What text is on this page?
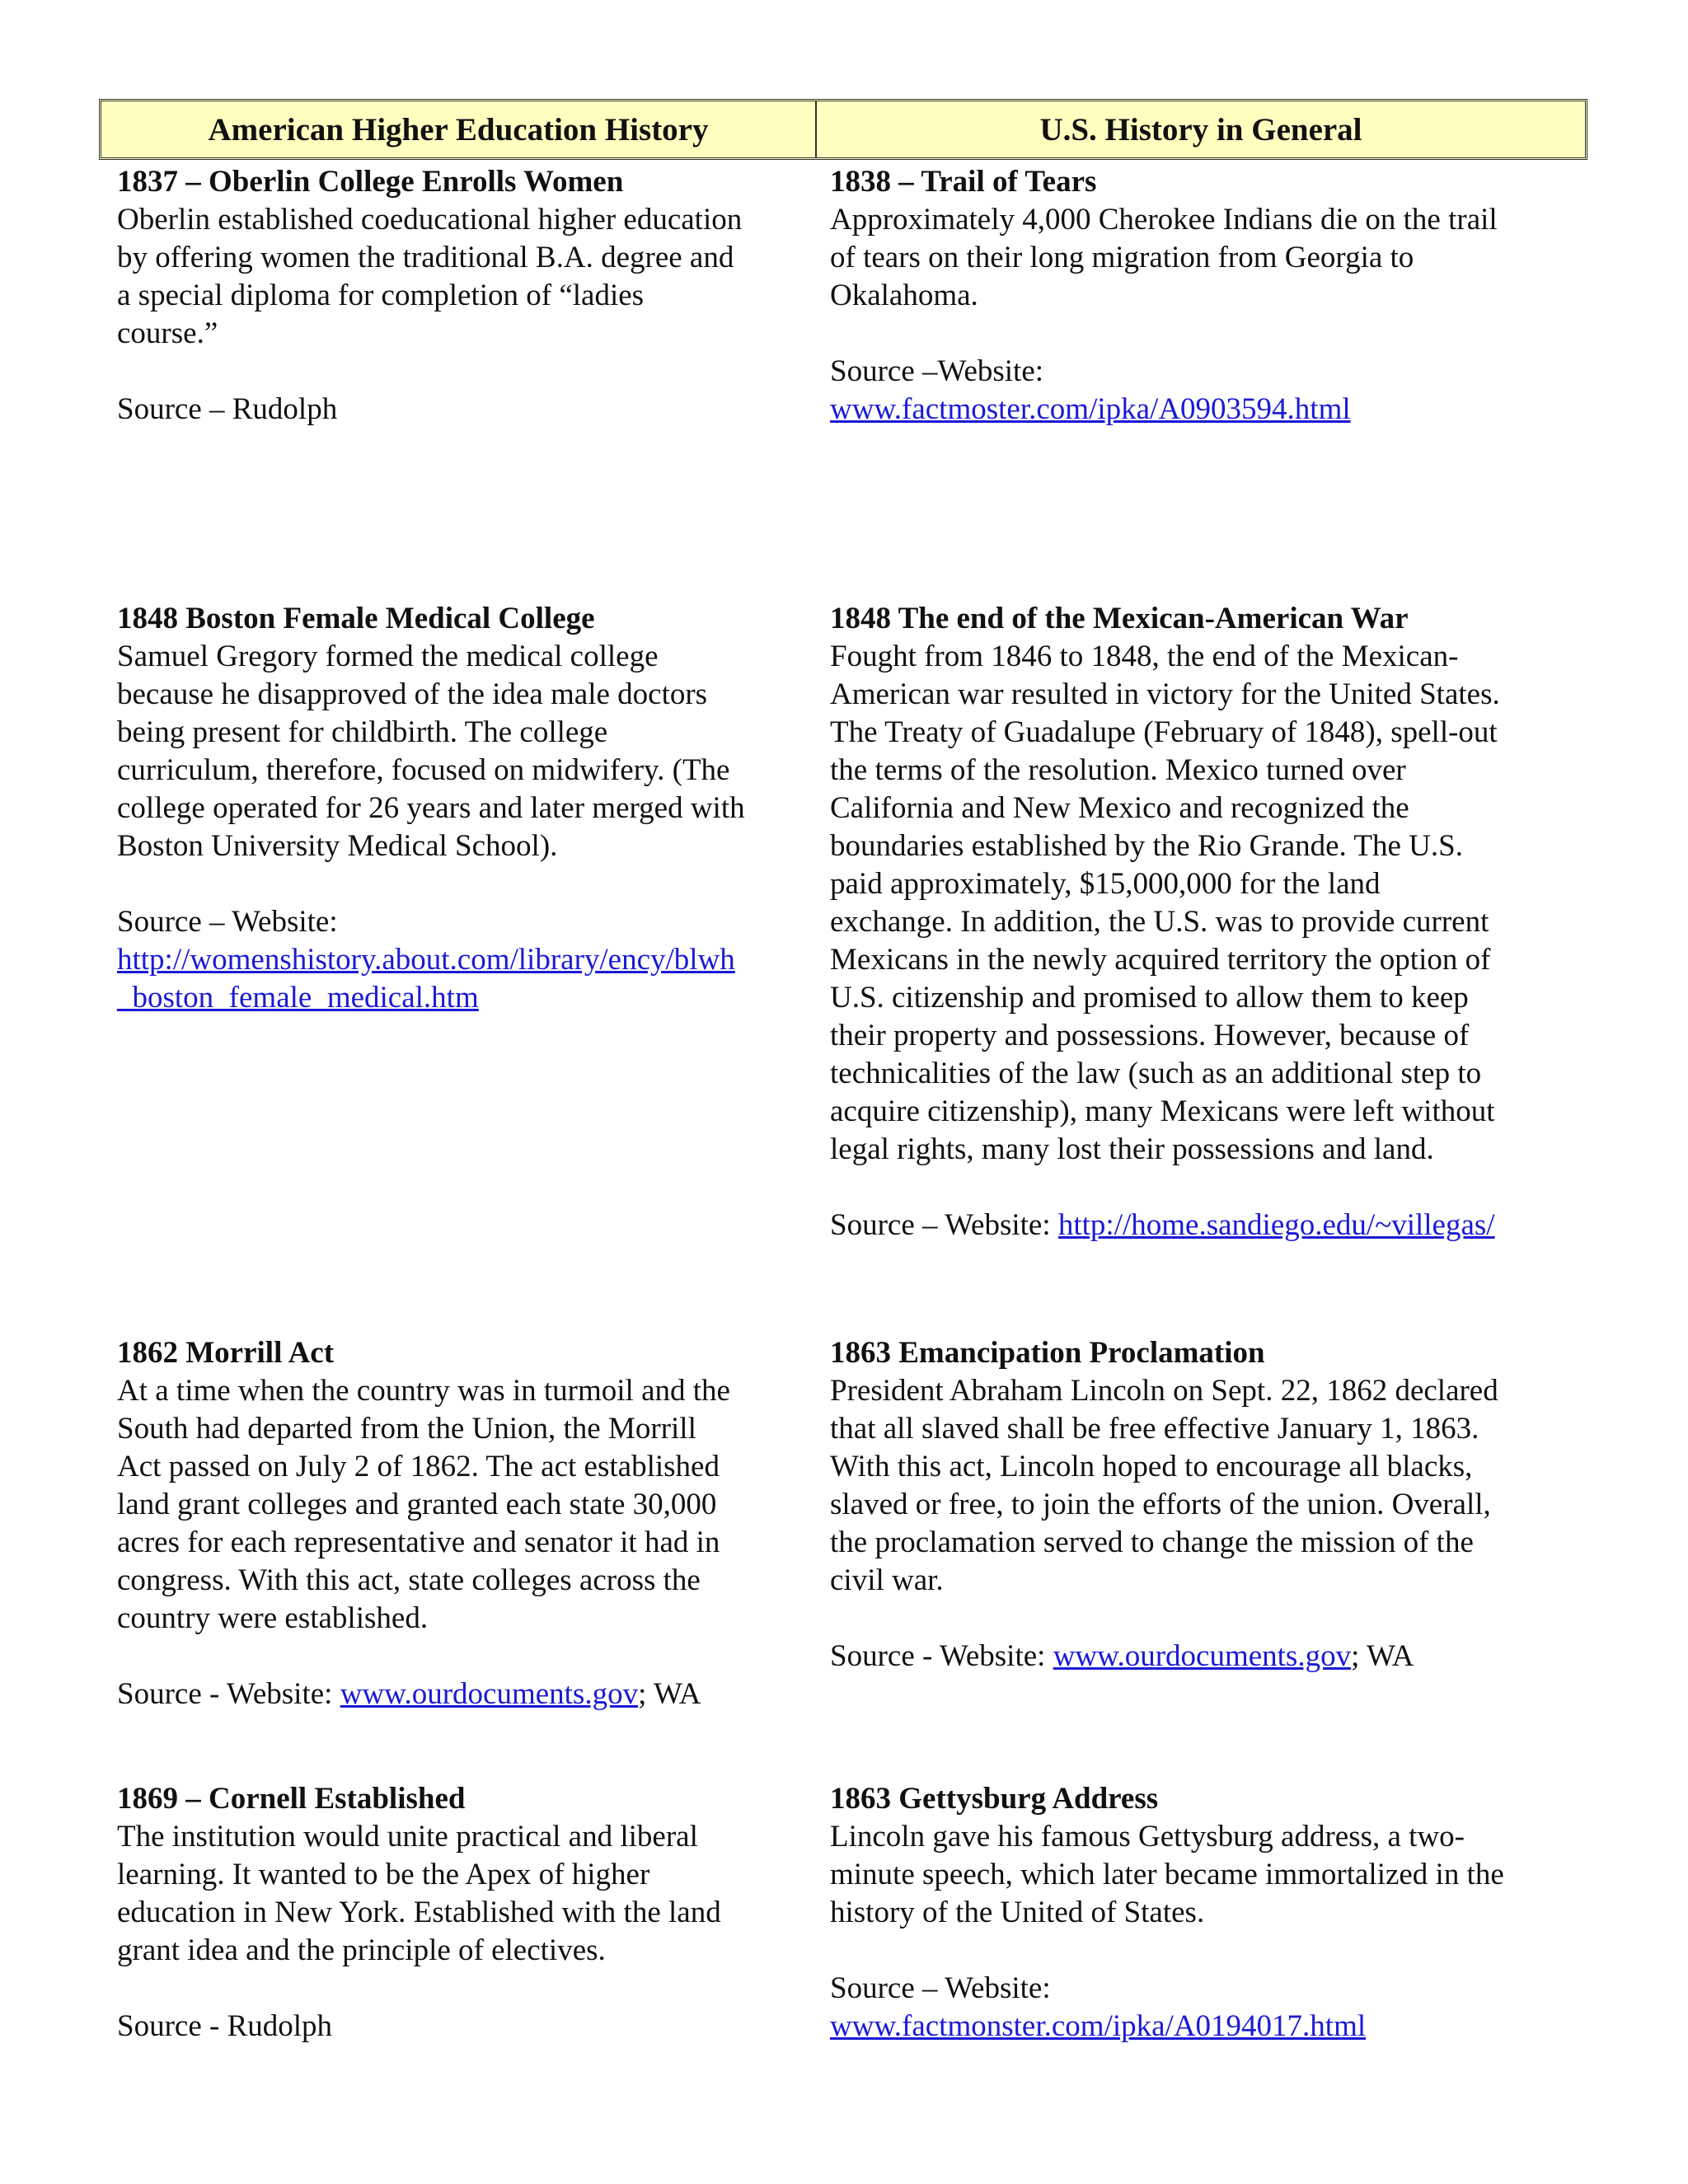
American Higher Education History	U.S. History in General
1837 – Oberlin College Enrolls Women
Oberlin established coeducational higher education
by offering women the traditional B.A. degree and
a special diploma for completion of “ladies
course.”
Source – Rudolph
1848 Boston Female Medical College
Samuel Gregory formed the medical college
because he disapproved of the idea male doctors
being present for childbirth. The college
curriculum, therefore, focused on midwifery. (The
college operated for 26 years and later merged with
Boston University Medical School).
Source – Website:
http://womenshistory.about.com/library/ency/blwh
_boston_female_medical.htm
1862 Morrill Act
At a time when the country was in turmoil and the
South had departed from the Union, the Morrill
Act passed on July 2 of 1862. The act established
land grant colleges and granted each state 30,000
acres for each representative and senator it had in
congress. With this act, state colleges across the
country were established.
Source - Website: www.ourdocuments.gov; WA
1869 – Cornell Established
The institution would unite practical and liberal
learning. It wanted to be the Apex of higher
education in New York. Established with the land
grant idea and the principle of electives.
Source - Rudolph
1838 – Trail of Tears
Approximately 4,000 Cherokee Indians die on the trail
of tears on their long migration from Georgia to
Okalahoma.
Source –Website:
www.factmoster.com/ipka/A0903594.html
1848 The end of the Mexican-American War
Fought from 1846 to 1848, the end of the Mexican-
American war resulted in victory for the United States.
The Treaty of Guadalupe (February of 1848), spell-out
the terms of the resolution. Mexico turned over
California and New Mexico and recognized the
boundaries established by the Rio Grande. The U.S.
paid approximately, $15,000,000 for the land
exchange. In addition, the U.S. was to provide current
Mexicans in the newly acquired territory the option of
U.S. citizenship and promised to allow them to keep
their property and possessions. However, because of
technicalities of the law (such as an additional step to
acquire citizenship), many Mexicans were left without
legal rights, many lost their possessions and land.
Source – Website: http://home.sandiego.edu/~villegas/
1863 Emancipation Proclamation
President Abraham Lincoln on Sept. 22, 1862 declared
that all slaved shall be free effective January 1, 1863.
With this act, Lincoln hoped to encourage all blacks,
slaved or free, to join the efforts of the union. Overall,
the proclamation served to change the mission of the
civil war.
Source - Website: www.ourdocuments.gov; WA
1863 Gettysburg Address
Lincoln gave his famous Gettysburg address, a two-
minute speech, which later became immortalized in the
history of the United of States.
Source – Website:
www.factmonster.com/ipka/A0194017.html
